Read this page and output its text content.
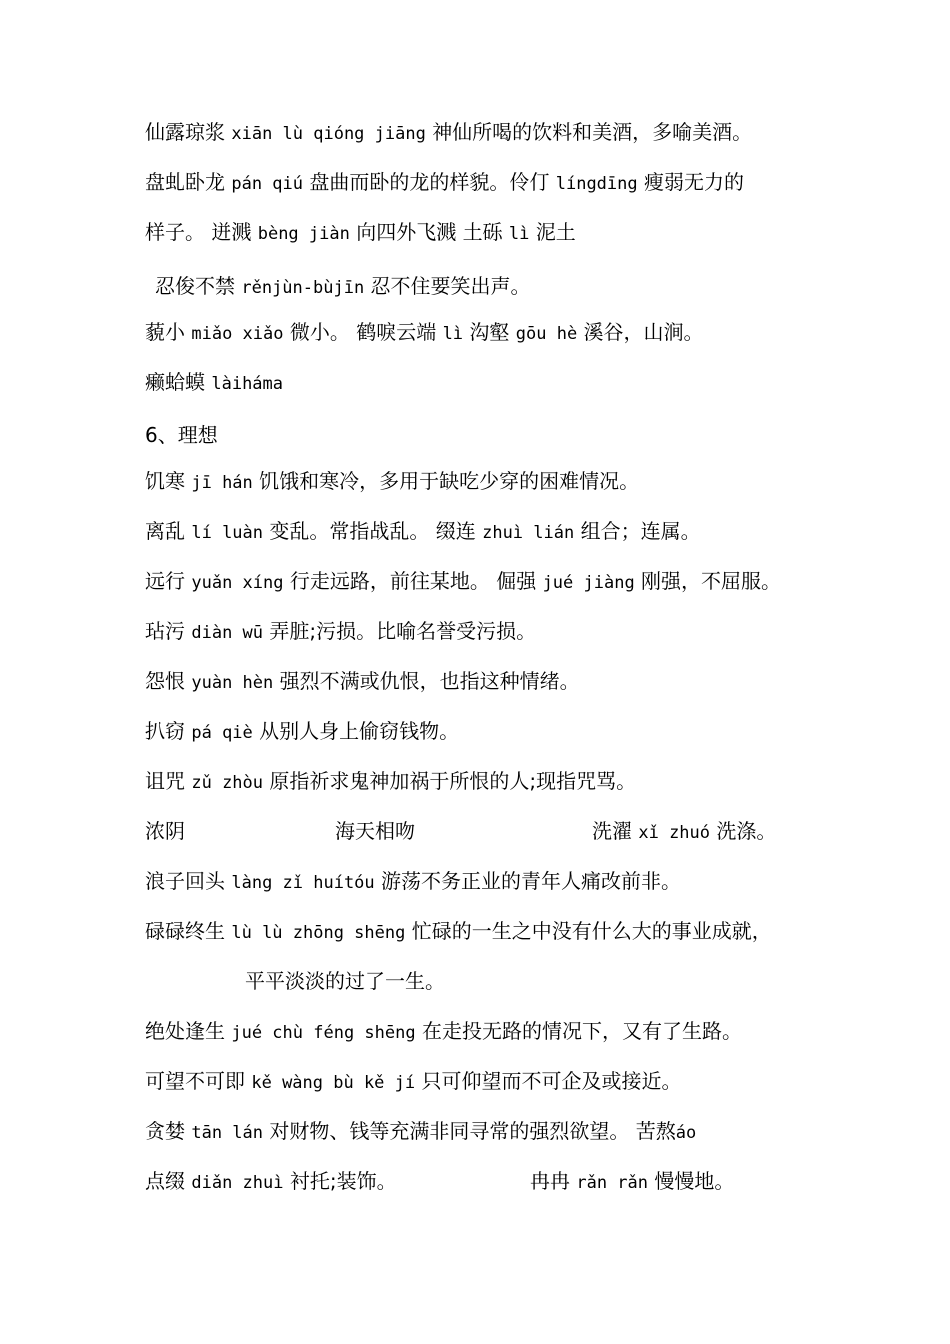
仙露琼浆 xiān lù qióng jiāng 神仙所喝的饮料和美酒，多喻美酒。
盘虬卧龙 pán qiú 盘曲而卧的龙的样貌。伶仃 língdīng 瘦弱无力的
样子。 迸溅 bèng jiàn 向四外飞溅 土砾 lì 泥土
忍俊不禁 rěnjùn-bùjīn 忍不住要笑出声。
藐小 miǎo xiǎo 微小。 鹤唳云端 lì 沟壑 gōu hè 溪谷，山涧。
癞蛤蟆 làihámа
6、理想
饥寒 jī hán 饥饿和寒冷，多用于缺吃少穿的困难情况。
离乱 lí luàn 变乱。常指战乱。 缀连 zhuì lián 组合；连属。
远行 yuǎn xíng 行走远路，前往某地。 倔强 jué jiàng 刚强，不屈服。
玷污 diàn wū 弄脏;污损。比喻名誉受污损。
怨恨 yuàn hèn 强烈不满或仇恨，也指这种情绪。
扒窃 pá qiè 从别人身上偷窃钱物。
诅咒 zǔ zhòu 原指祈求鬼神加祸于所恨的人;现指咒骂。
浓阴	海天相吻	洗濯 xǐ zhuó 洗涤。
浪子回头 làng zǐ huítóu 游荡不务正业的青年人痛改前非。
碌碌终生 lù lù zhōng shēng 忙碌的一生之中没有什么大的事业成就，
平平淡淡的过了一生。
绝处逢生 jué chù féng shēng 在走投无路的情况下，又有了生路。
可望不可即 kě wàng bù kě jí 只可仰望而不可企及或接近。
贪婪 tān lán 对财物、钱等充满非同寻常的强烈欲望。 苦熬áo
点缀 diǎn zhuì 衬托;装饰。	冉冉 rǎn rǎn 慢慢地。
